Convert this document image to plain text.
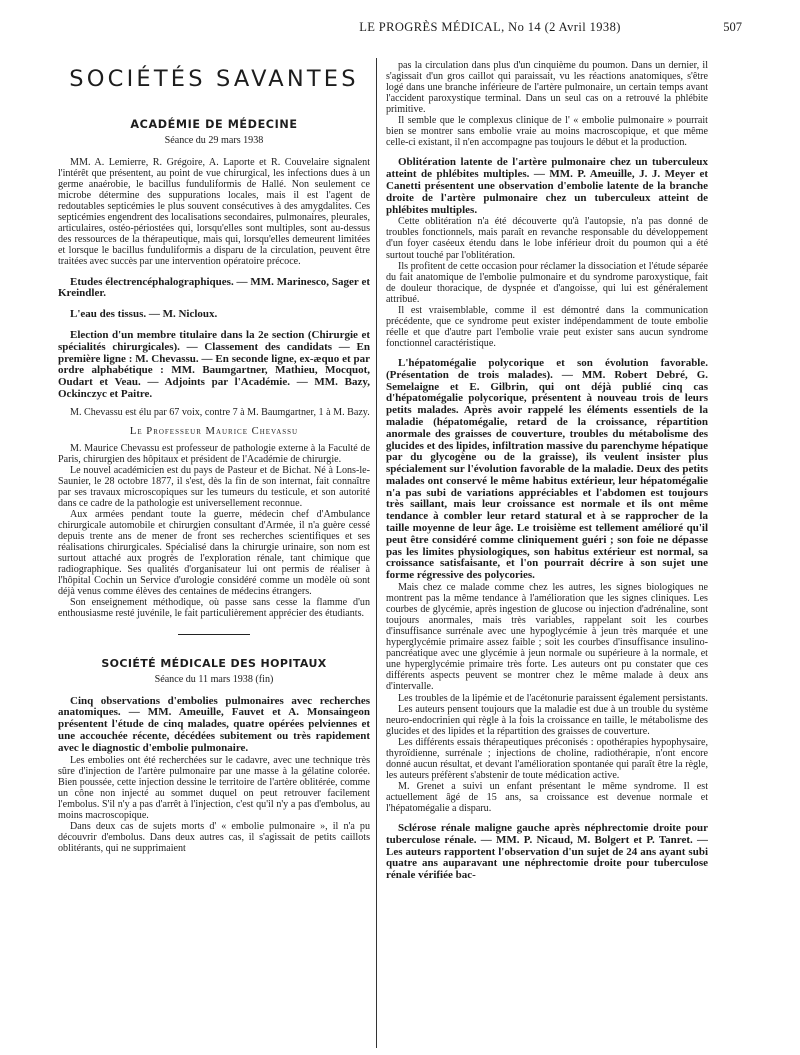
LE PROGRÈS MÉDICAL, No 14 (2 Avril 1938)	507
SOCIÉTÉS SAVANTES
ACADÉMIE DE MÉDECINE
Séance du 29 mars 1938

MM. A. Lemierre, R. Grégoire, A. Laporte et R. Couvelaire signalent l'intérêt que présentent, au point de vue chirurgical, les infections dues à un germe anaérobie, le bacillus funduliformis de Hallé. Non seulement ce microbe détermine des suppurations locales, mais il est l'agent de redoutables septicémies le plus souvent consécutives à des amygdalites. Ces septicémies engendrent des localisations secondaires, pulmonaires, pleurales, articulaires, ostéo-périostées qui, lorsqu'elles sont multiples, sont au-dessus des ressources de la thérapeutique, mais qui, lorsqu'elles demeurent limitées et lorsque le bacillus funduliformis a disparu de la circulation, peuvent être traitées avec succès par une intervention opératoire précoce.

Etudes électrencéphalographiques. — MM. Marinesco, Sager et Kreindler.

L'eau des tissus. — M. Nicloux.

Election d'un membre titulaire dans la 2e section (Chirurgie et spécialités chirurgicales). — Classement des candidats — En première ligne : M. Chevassu. — En seconde ligne, ex-æquo et par ordre alphabétique : MM. Baumgartner, Mathieu, Mocquot, Oudart et Veau. — Adjoints par l'Académie. — MM. Bazy, Ockinczyc et Paitre.

M. Chevassu est élu par 67 voix, contre 7 à M. Baumgartner, 1 à M. Bazy.

Le Professeur Maurice Chevassu

M. Maurice Chevassu est professeur de pathologie externe à la Faculté de Paris, chirurgien des hôpitaux et président de l'Académie de chirurgie.

Le nouvel académicien est du pays de Pasteur et de Bichat. Né à Lons-le-Saunier, le 28 octobre 1877, il s'est, dès la fin de son internat, fait connaître par ses travaux microscopiques sur les tumeurs du testicule, et son autorité dans ce cadre de la pathologie est universellement reconnue.

Aux armées pendant toute la guerre, médecin chef d'Ambulance chirurgicale automobile et chirurgien consultant d'Armée, il n'a guère cessé depuis trente ans de mener de front ses recherches scientifiques et ses réalisations chirurgicales. Spécialisé dans la chirurgie urinaire, son nom est surtout attaché aux progrès de l'exploration rénale, tant chimique que radiographique. Ses qualités d'organisateur lui ont permis de réaliser à l'hôpital Cochin un Service d'urologie considéré comme un modèle où sont déjà venus comme élèves des centaines de médecins étrangers.

Son enseignement méthodique, où passe sans cesse la flamme d'un enthousiasme resté juvénile, le fait particulièrement apprécier des étudiants.

SOCIÉTÉ MÉDICALE DES HOPITAUX
Séance du 11 mars 1938 (fin)

Cinq observations d'embolies pulmonaires avec recherches anatomiques. — MM. Ameuille, Fauvet et A. Monsaingeon présentent l'étude de cinq malades, quatre opérées pelviennes et une accouchée récente, décédées subitement ou très rapidement avec le diagnostic d'embolie pulmonaire.

Les embolies ont été recherchées sur le cadavre, avec une technique très sûre d'injection de l'artère pulmonaire par une masse à la gélatine colorée. Bien poussée, cette injection dessine le territoire de l'artère oblitérée, comme un cône non injecté au sommet duquel on peut retrouver facilement l'embolus. S'il n'y a pas d'arrêt à l'injection, c'est qu'il n'y a pas d'embolus, au moins macroscopique.

Dans deux cas de sujets morts d' « embolie pulmonaire », il n'a pu découvrir d'embolus. Dans deux autres cas, il s'agissait de petits caillots oblitérants, qui ne supprimaient

pas la circulation dans plus d'un cinquième du poumon. Dans un dernier, il s'agissait d'un gros caillot qui paraissait, vu les réactions anatomiques, s'être logé dans une branche inférieure de l'artère pulmonaire, un certain temps avant l'accident paroxystique terminal. Dans un seul cas on a retrouvé la phlébite primitive.

Il semble que le complexus clinique de l' « embolie pulmonaire » pourrait bien se montrer sans embolie vraie au moins macroscopique, et que même celle-ci existant, il n'en accompagne pas toujours le début et la production.

Oblitération latente de l'artère pulmonaire chez un tuberculeux atteint de phlébites multiples. — MM. P. Ameuille, J. J. Meyer et Canetti présentent une observation d'embolie latente de la branche droite de l'artère pulmonaire chez un tuberculeux atteint de phlébites multiples.

Cette oblitération n'a été découverte qu'à l'autopsie, n'a pas donné de troubles fonctionnels, mais paraît en revanche responsable du développement d'un foyer caséeux étendu dans le lobe inférieur droit du poumon qui a été surtout touché par l'oblitération.

Ils profitent de cette occasion pour réclamer la dissociation et l'étude séparée du fait anatomique de l'embolie pulmonaire et du syndrome paroxystique, fait de douleur thoracique, de dyspnée et d'angoisse, qui lui est généralement attribué.

Il est vraisemblable, comme il est démontré dans la communication précédente, que ce syndrome peut exister indépendamment de toute embolie réelle et que d'autre part l'embolie vraie peut exister sans aucun syndrome fonctionnel caractéristique.

L'hépatomégalie polycorique et son évolution favorable. (Présentation de trois malades). — MM. Robert Debré, G. Semelaigne et E. Gilbrin, qui ont déjà publié cinq cas d'hépatomégalie polycorique, présentent à nouveau trois de leurs petits malades. Après avoir rappelé les éléments essentiels de la maladie (hépatomégalie, retard de la croissance, répartition anormale des graisses de couverture, troubles du métabolisme des glucides et des lipides, infiltration massive du parenchyme hépatique par du glycogène ou de la graisse), ils veulent insister plus spécialement sur l'évolution favorable de la maladie. Deux des petits malades ont conservé le même habitus extérieur, leur hépatomégalie n'a pas subi de variations appréciables et l'abdomen est toujours très saillant, mais leur croissance est normale et ils ont même tendance à combler leur retard statural et à se rapprocher de la taille moyenne de leur âge. Le troisième est tellement amélioré qu'il peut être considéré comme cliniquement guéri ; son foie ne dépasse pas les limites physiologiques, son habitus extérieur est normal, sa croissance satisfaisante, et l'on pourrait décrire à son sujet une forme régressive des polycories.

Mais chez ce malade comme chez les autres, les signes biologiques ne montrent pas la même tendance à l'amélioration que les signes cliniques. Les courbes de glycémie, après ingestion de glucose ou injection d'adrénaline, sont toujours anormales, mais très variables, rappelant soit les courbes d'insuffisance surrénale avec une hypoglycémie à jeun très marquée et une hyperglycémie primaire assez faible ; soit les courbes d'insuffisance insulino-pancréatique avec une glycémie à jeun normale ou supérieure à la normale, et une hyperglycémie primaire très forte. Les auteurs ont pu constater que ces différents aspects peuvent se montrer chez le même malade à deux ans d'intervalle.

Les troubles de la lipémie et de l'acétonurie paraissent également persistants.

Les auteurs pensent toujours que la maladie est due à un trouble du système neuro-endocrinien qui règle à la fois la croissance en taille, le métabolisme des glucides et des lipides et la répartition des graisses de couverture.

Les différents essais thérapeutiques préconisés : opothérapies hypophysaire, thyroïdienne, surrénale ; injections de choline, radiothérapie, n'ont encore donné aucun résultat, et devant l'amélioration spontanée qui paraît être la règle, les auteurs préfèrent s'abstenir de toute médication active.

M. Grenet a suivi un enfant présentant le même syndrome. Il est actuellement âgé de 15 ans, sa croissance est devenue normale et l'hépatomégalie a disparu.

Sclérose rénale maligne gauche après néphrectomie droite pour tuberculose rénale. — MM. P. Nicaud, M. Bolgert et P. Tanret. — Les auteurs rapportent l'observation d'un sujet de 24 ans ayant subi quatre ans auparavant une néphrectomie droite pour tuberculose rénale vérifiée bac-
